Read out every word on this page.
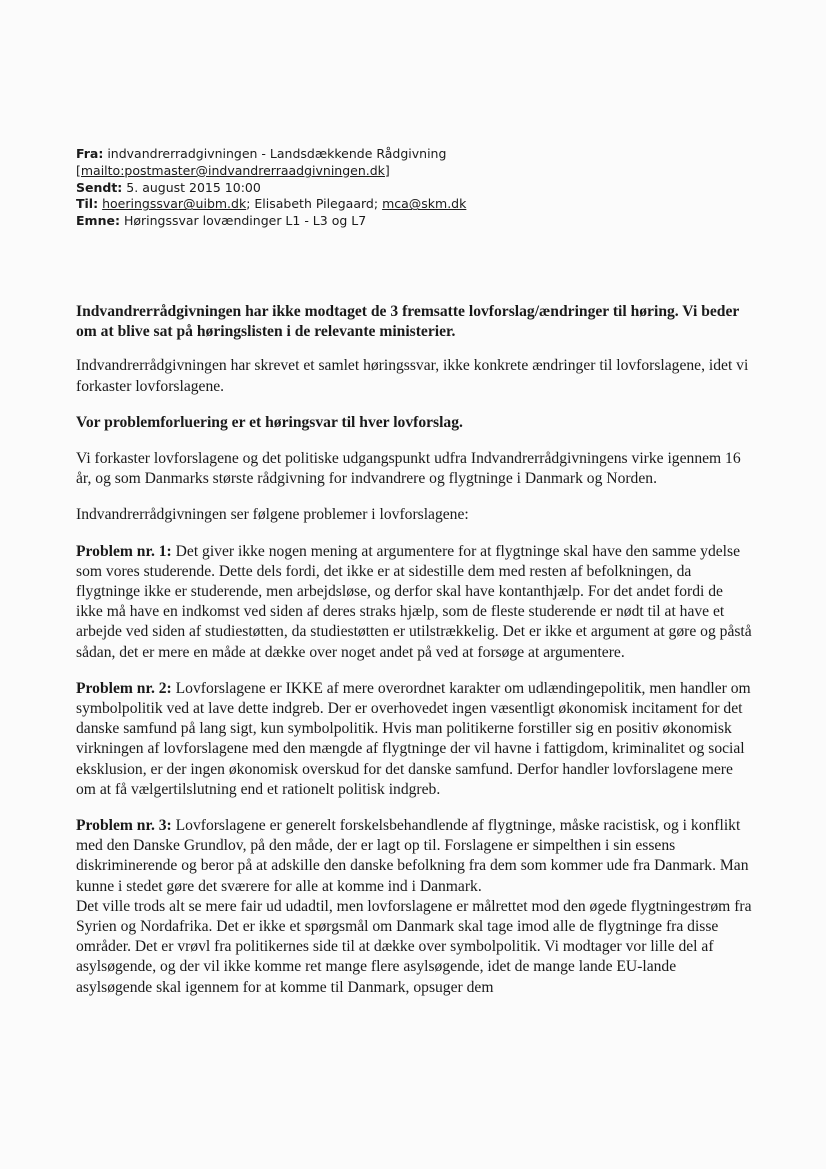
Fra: indvandrerradgivningen - Landsdækkende Rådgivning
[mailto:postmaster@indvandrerraadgivningen.dk]
Sendt: 5. august 2015 10:00
Til: hoeringssvar@uibm.dk; Elisabeth Pilegaard; mca@skm.dk
Emne: Høringssvar lovændinger L1 - L3 og L7

Indvandrerrådgivningen har ikke modtaget de 3 fremsatte lovforslag/ændringer til høring. Vi beder om at blive sat på høringslisten i de relevante ministerier.

Indvandrerrådgivningen har skrevet et samlet høringssvar, ikke konkrete ændringer til lovforslagene, idet vi forkaster lovforslagene.

Vor problemforluering er et høringsvar til hver lovforslag.

Vi forkaster lovforslagene og det politiske udgangspunkt udfra Indvandrerrådgivningens virke igennem 16 år, og som Danmarks største rådgivning for indvandrere og flygtninge i Danmark og Norden.

Indvandrerrådgivningen ser følgene problemer i lovforslagene:

Problem nr. 1: Det giver ikke nogen mening at argumentere for at flygtninge skal have den samme ydelse som vores studerende. Dette dels fordi, det ikke er at sidestille dem med resten af befolkningen, da flygtninge ikke er studerende, men arbejdsløse, og derfor skal have kontanthjælp. For det andet fordi de ikke må have en indkomst ved siden af deres straks hjælp, som de fleste studerende er nødt til at have et arbejde ved siden af studiestøtten, da studiestøtten er utilstrækkelig. Det er ikke et argument at gøre og påstå sådan, det er mere en måde at dække over noget andet på ved at forsøge at argumentere.

Problem nr. 2: Lovforslagene er IKKE af mere overordnet karakter om udlændingepolitik, men handler om symbolpolitik ved at lave dette indgreb. Der er overhovedet ingen væsentligt økonomisk incitament for det danske samfund på lang sigt, kun symbolpolitik. Hvis man politikerne forstiller sig en positiv økonomisk virkningen af lovforslagene med den mængde af flygtninge der vil havne i fattigdom, kriminalitet og social eksklusion, er der ingen økonomisk overskud for det danske samfund. Derfor handler lovforslagene mere om at få vælgertilslutning end et rationelt politisk indgreb.

Problem nr. 3: Lovforslagene er generelt forskelsbehandlende af flygtninge, måske racistisk, og i konflikt med den Danske Grundlov, på den måde, der er lagt op til. Forslagene er simpelthen i sin essens diskriminerende og beror på at adskille den danske befolkning fra dem som kommer ude fra Danmark. Man kunne i stedet gøre det sværere for alle at komme ind i Danmark.

Det ville trods alt se mere fair ud udadtil, men lovforslagene er målrettet mod den øgede flygtningestrøm fra Syrien og Nordafrika. Det er ikke et spørgsmål om Danmark skal tage imod alle de flygtninge fra disse områder. Det er vrøvl fra politikernes side til at dække over symbolpolitik. Vi modtager vor lille del af asylsøgende, og der vil ikke komme ret mange flere asylsøgende, idet de mange lande EU-lande asylsøgende skal igennem for at komme til Danmark, opsuger dem
